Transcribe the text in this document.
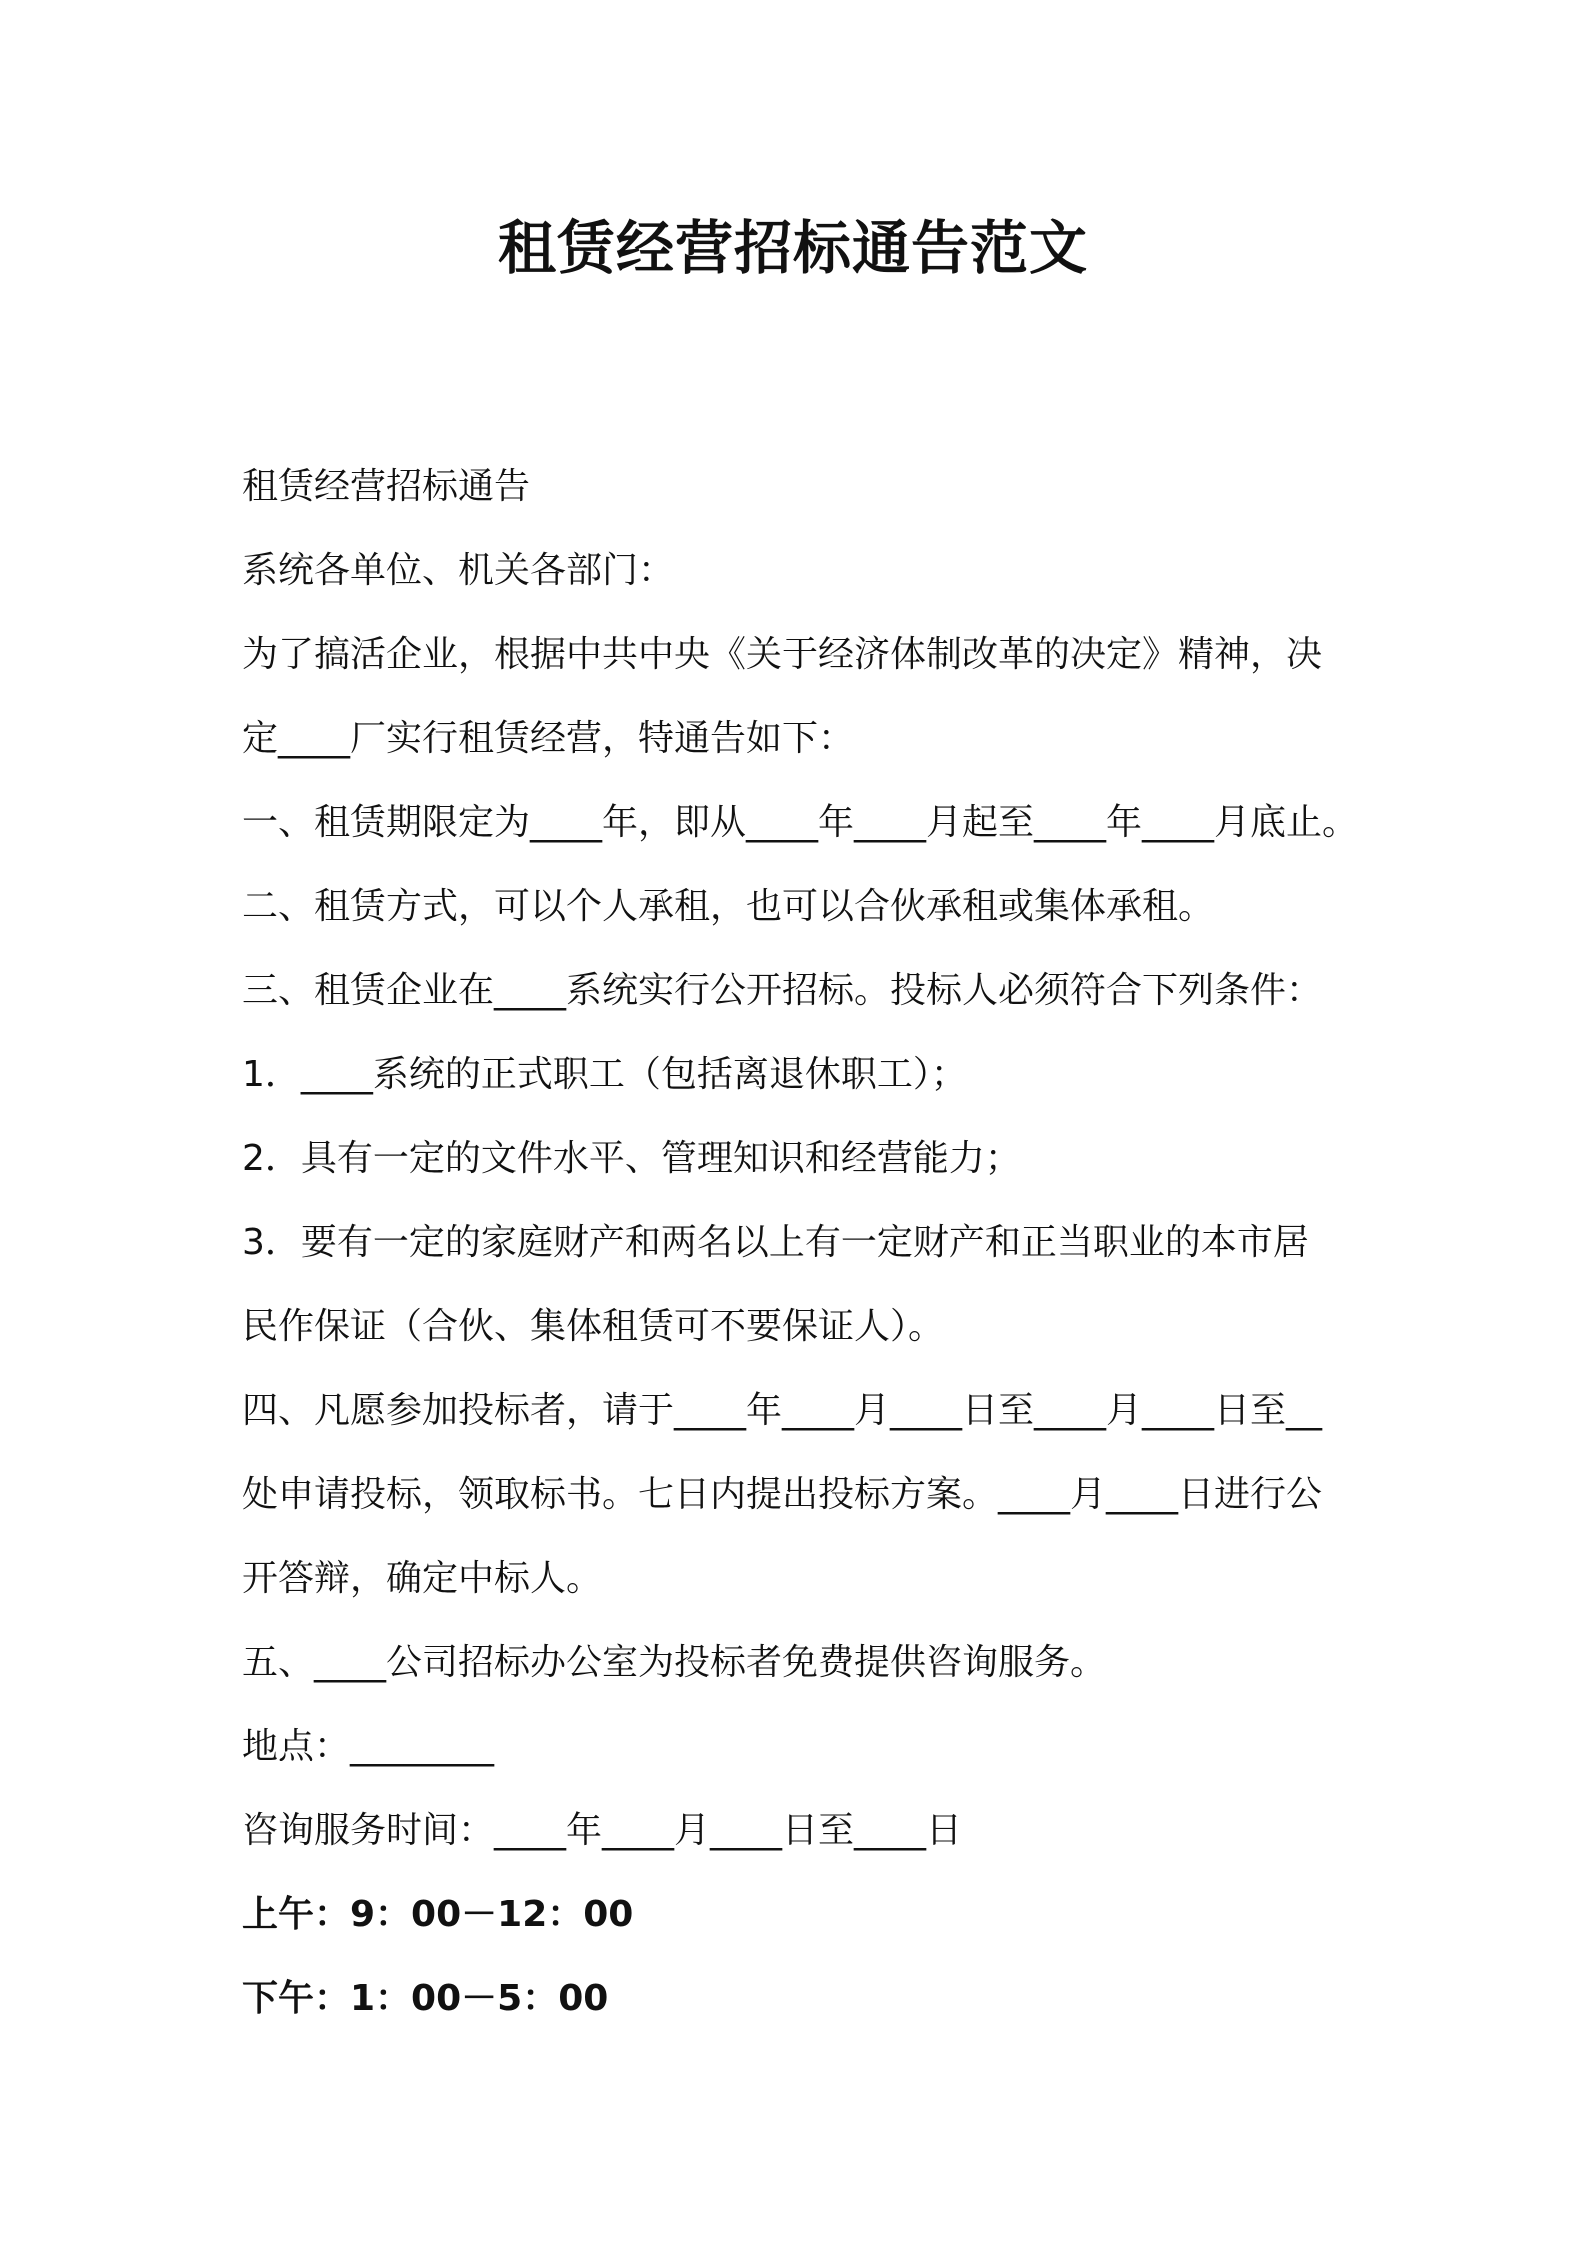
租赁经营招标通告范文

租赁经营招标通告

系统各单位、机关各部门：

为了搞活企业，根据中共中央《关于经济体制改革的决定》精神，决

定____厂实行租赁经营，特通告如下：

一、租赁期限定为____年，即从____年____月起至____年____月底止。

二、租赁方式，可以个人承租，也可以合伙承租或集体承租。

三、租赁企业在____系统实行公开招标。投标人必须符合下列条件：

1．____系统的正式职工（包括离退休职工）；

2．具有一定的文件水平、管理知识和经营能力；

3．要有一定的家庭财产和两名以上有一定财产和正当职业的本市居

民作保证（合伙、集体租赁可不要保证人）。

四、凡愿参加投标者，请于____年____月____日至____月____日至__

处申请投标，领取标书。七日内提出投标方案。____月____日进行公

开答辩，确定中标人。

五、____公司招标办公室为投标者免费提供咨询服务。

地点：________

咨询服务时间：____年____月____日至____日

上午：9：00－12：00

下午：1：00－5：00
